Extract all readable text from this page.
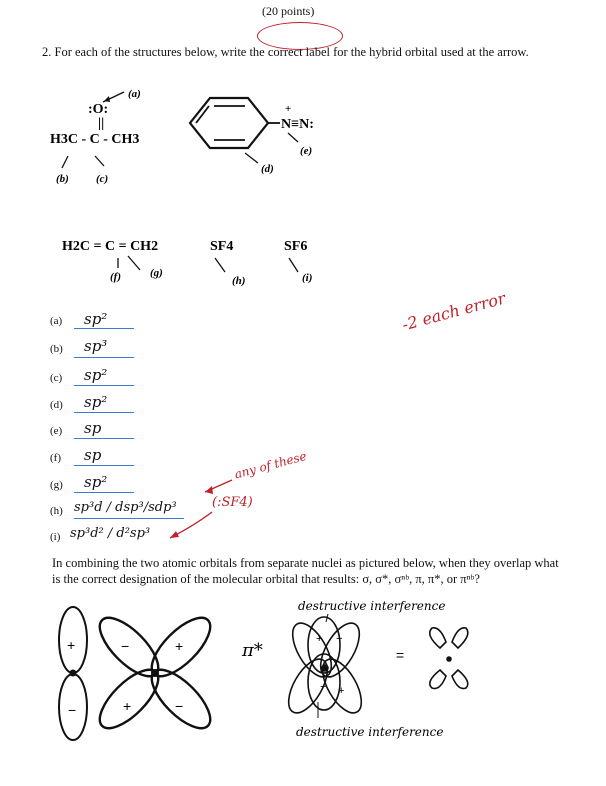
(20 points)
2. For each of the structures below, write the correct label for the hybrid orbital used at the arrow.
:O:
(a)
||
H3C - C - CH3
(b) (c)
+
N≡N:
(d)
(e)
H2C = C = CH2
(f)	(g)
SF4
(h)
SF6
(i)
(a) sp²
(b) sp³
(c) sp²
(d) sp²
(e) sp
(f) sp
(g) sp²
(h) sp³d / dsp³/sdp³
(i) sp³d² / d²sp³
-2 each error
any of these
(:SF4)
In combining the two atomic orbitals from separate nuclei as pictured below, when they overlap what is the correct designation of the molecular orbital that results: σ, σ*, σⁿᵇ, π, π*, or πⁿᵇ?
+
−
−	+
+	−
π*
destructive interference
+ −
− +
=
destructive interference
